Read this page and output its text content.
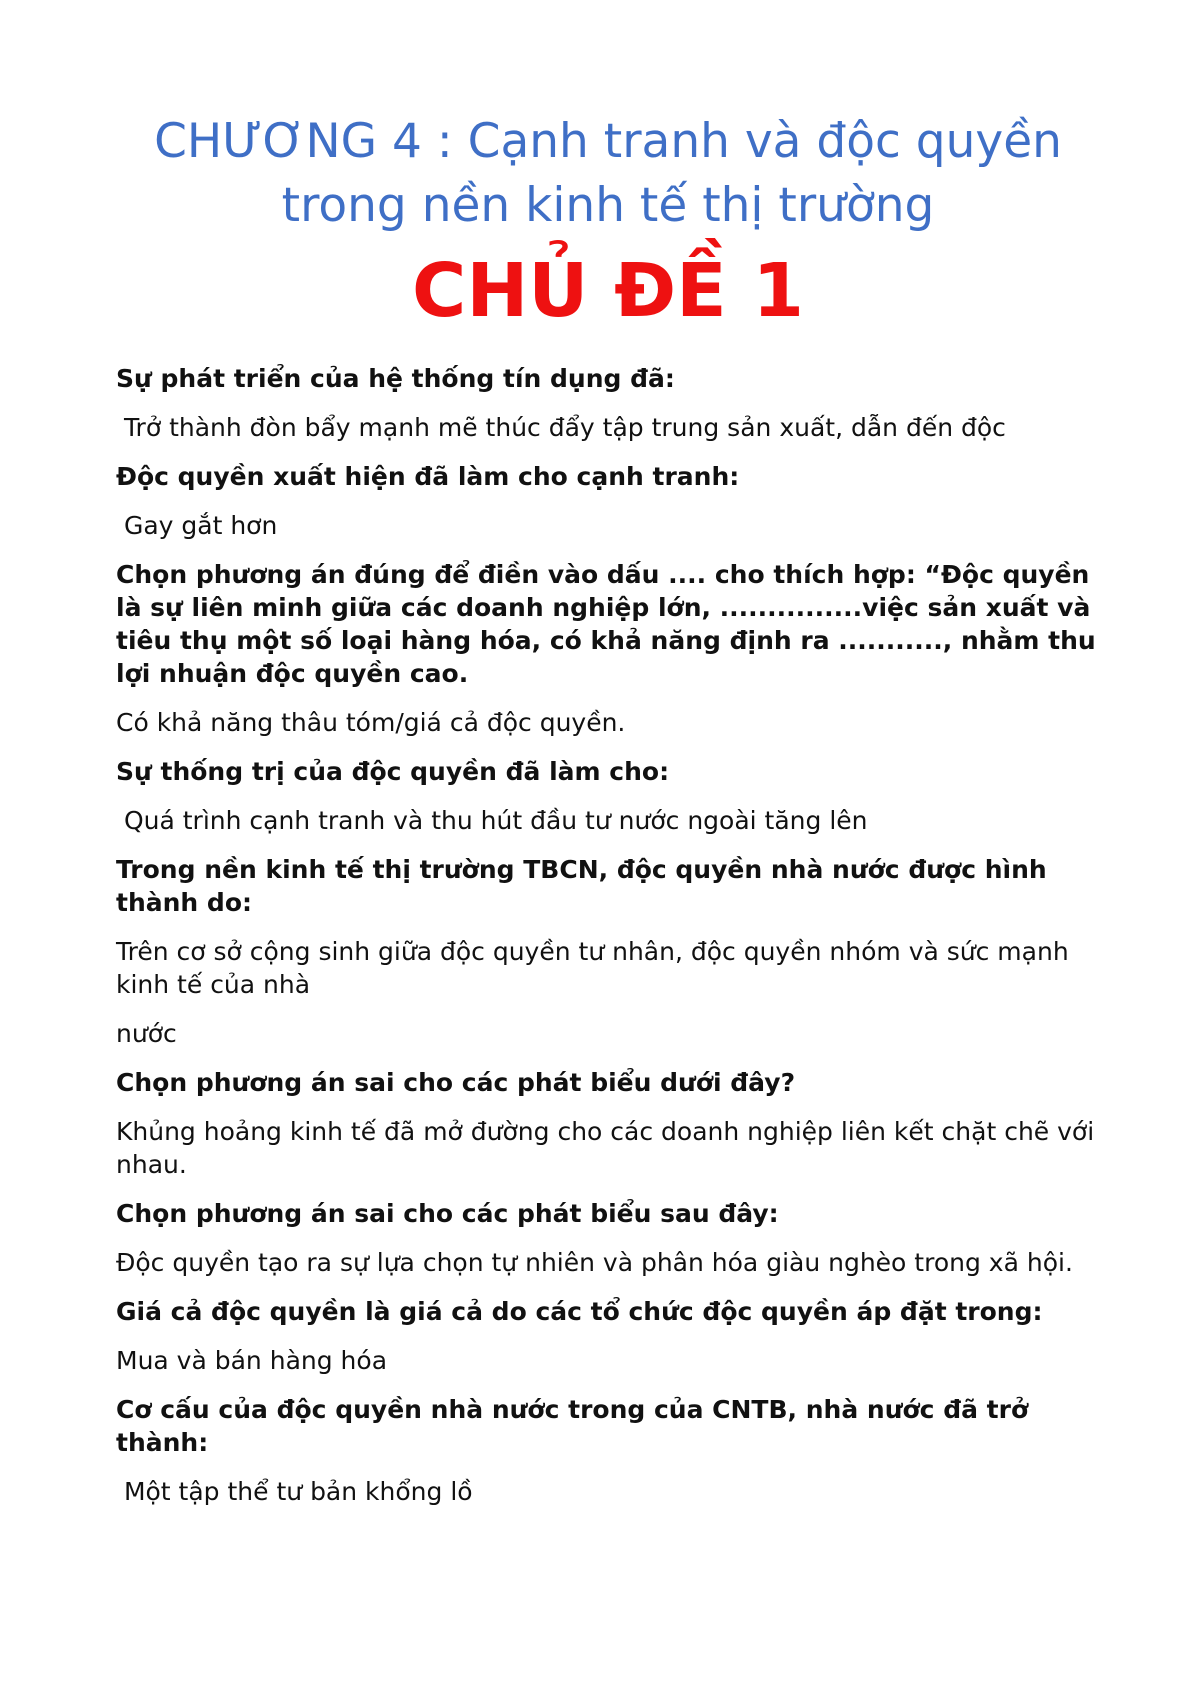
CHƯƠNG 4 : Cạnh tranh và độc quyền trong nền kinh tế thị trường
CHỦ ĐỀ 1

Sự phát triển của hệ thống tín dụng đã:

Trở thành đòn bẩy mạnh mẽ thúc đẩy tập trung sản xuất, dẫn đến độc

Độc quyền xuất hiện đã làm cho cạnh tranh:

Gay gắt hơn

Chọn phương án đúng để điền vào dấu .... cho thích hợp: “Độc quyền là sự liên minh giữa các doanh nghiệp lớn, ...............việc sản xuất và tiêu thụ một số loại hàng hóa, có khả năng định ra ..........., nhằm thu lợi nhuận độc quyền cao.

Có khả năng thâu tóm/giá cả độc quyền.

Sự thống trị của độc quyền đã làm cho:

Quá trình cạnh tranh và thu hút đầu tư nước ngoài tăng lên

Trong nền kinh tế thị trường TBCN, độc quyền nhà nước được hình thành do:

Trên cơ sở cộng sinh giữa độc quyền tư nhân, độc quyền nhóm và sức mạnh kinh tế của nhà

nước

Chọn phương án sai cho các phát biểu dưới đây?

Khủng hoảng kinh tế đã mở đường cho các doanh nghiệp liên kết chặt chẽ với nhau.

Chọn phương án sai cho các phát biểu sau đây:

Độc quyền tạo ra sự lựa chọn tự nhiên và phân hóa giàu nghèo trong xã hội.

Giá cả độc quyền là giá cả do các tổ chức độc quyền áp đặt trong:

Mua và bán hàng hóa

Cơ cấu của độc quyền nhà nước trong của CNTB, nhà nước đã trở thành:

Một tập thể tư bản khổng lồ
